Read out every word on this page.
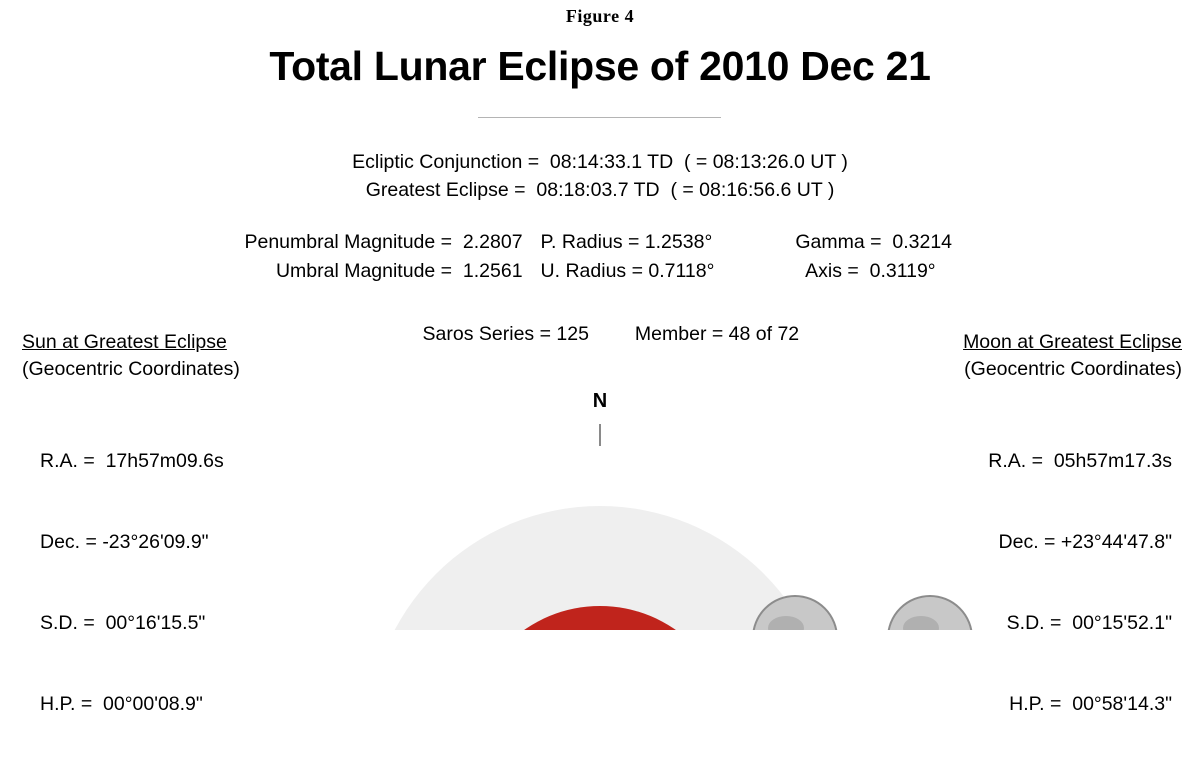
Figure 4
Total Lunar Eclipse of 2010 Dec 21
Ecliptic Conjunction =  08:14:33.1 TD  ( = 08:13:26.0 UT )
Greatest Eclipse =  08:18:03.7 TD  ( = 08:16:56.6 UT )
Penumbral Magnitude =  2.2807 P. Radius = 1.2538°	Gamma =  0.3214
Umbral Magnitude =  1.2561 U. Radius = 0.7118°	Axis =  0.3119°

Saros Series = 125 Member = 48 of 72

Sun at Greatest Eclipse
(Geocentric Coordinates)

R.A. =  17h57m09.6s

Dec. = -23°26'09.9"

S.D. =  00°16'15.5"

H.P. =  00°00'08.9"

Moon at Greatest Eclipse
(Geocentric Coordinates)

R.A. =  05h57m17.3s

Dec. = +23°44'47.8"

S.D. =  00°15'52.1"

H.P. =  00°58'14.3"

N
